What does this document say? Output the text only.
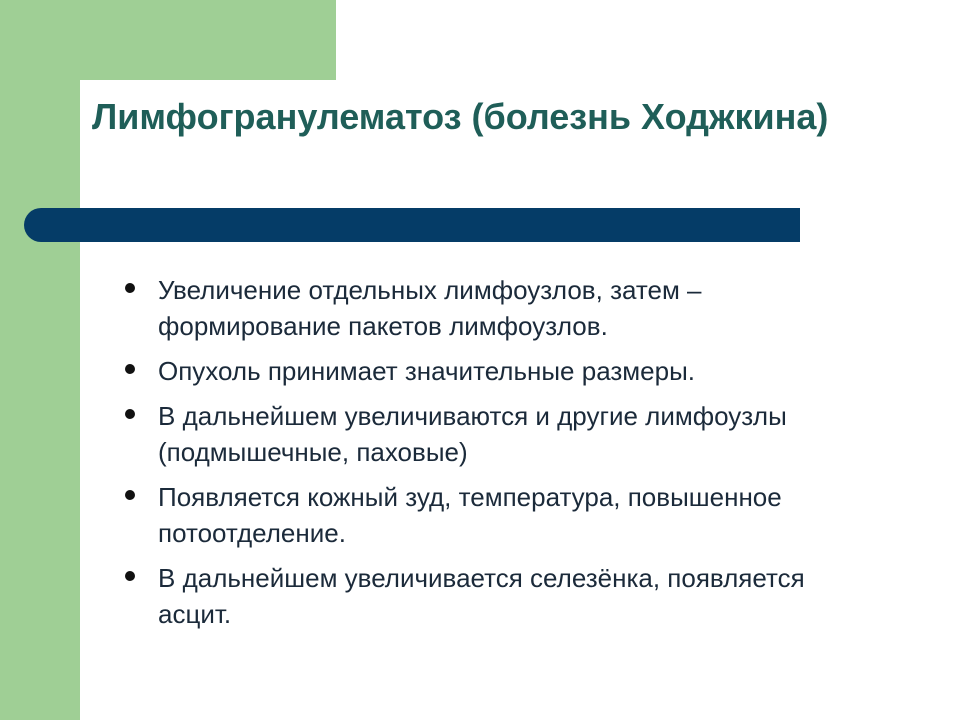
Лимфогранулематоз (болезнь Ходжкина)
Увеличение отдельных лимфоузлов, затем – формирование пакетов лимфоузлов.
Опухоль принимает значительные размеры.
В дальнейшем увеличиваются и другие лимфоузлы (подмышечные, паховые)
Появляется кожный зуд, температура, повышенное потоотделение.
В дальнейшем увеличивается селезёнка, появляется асцит.
